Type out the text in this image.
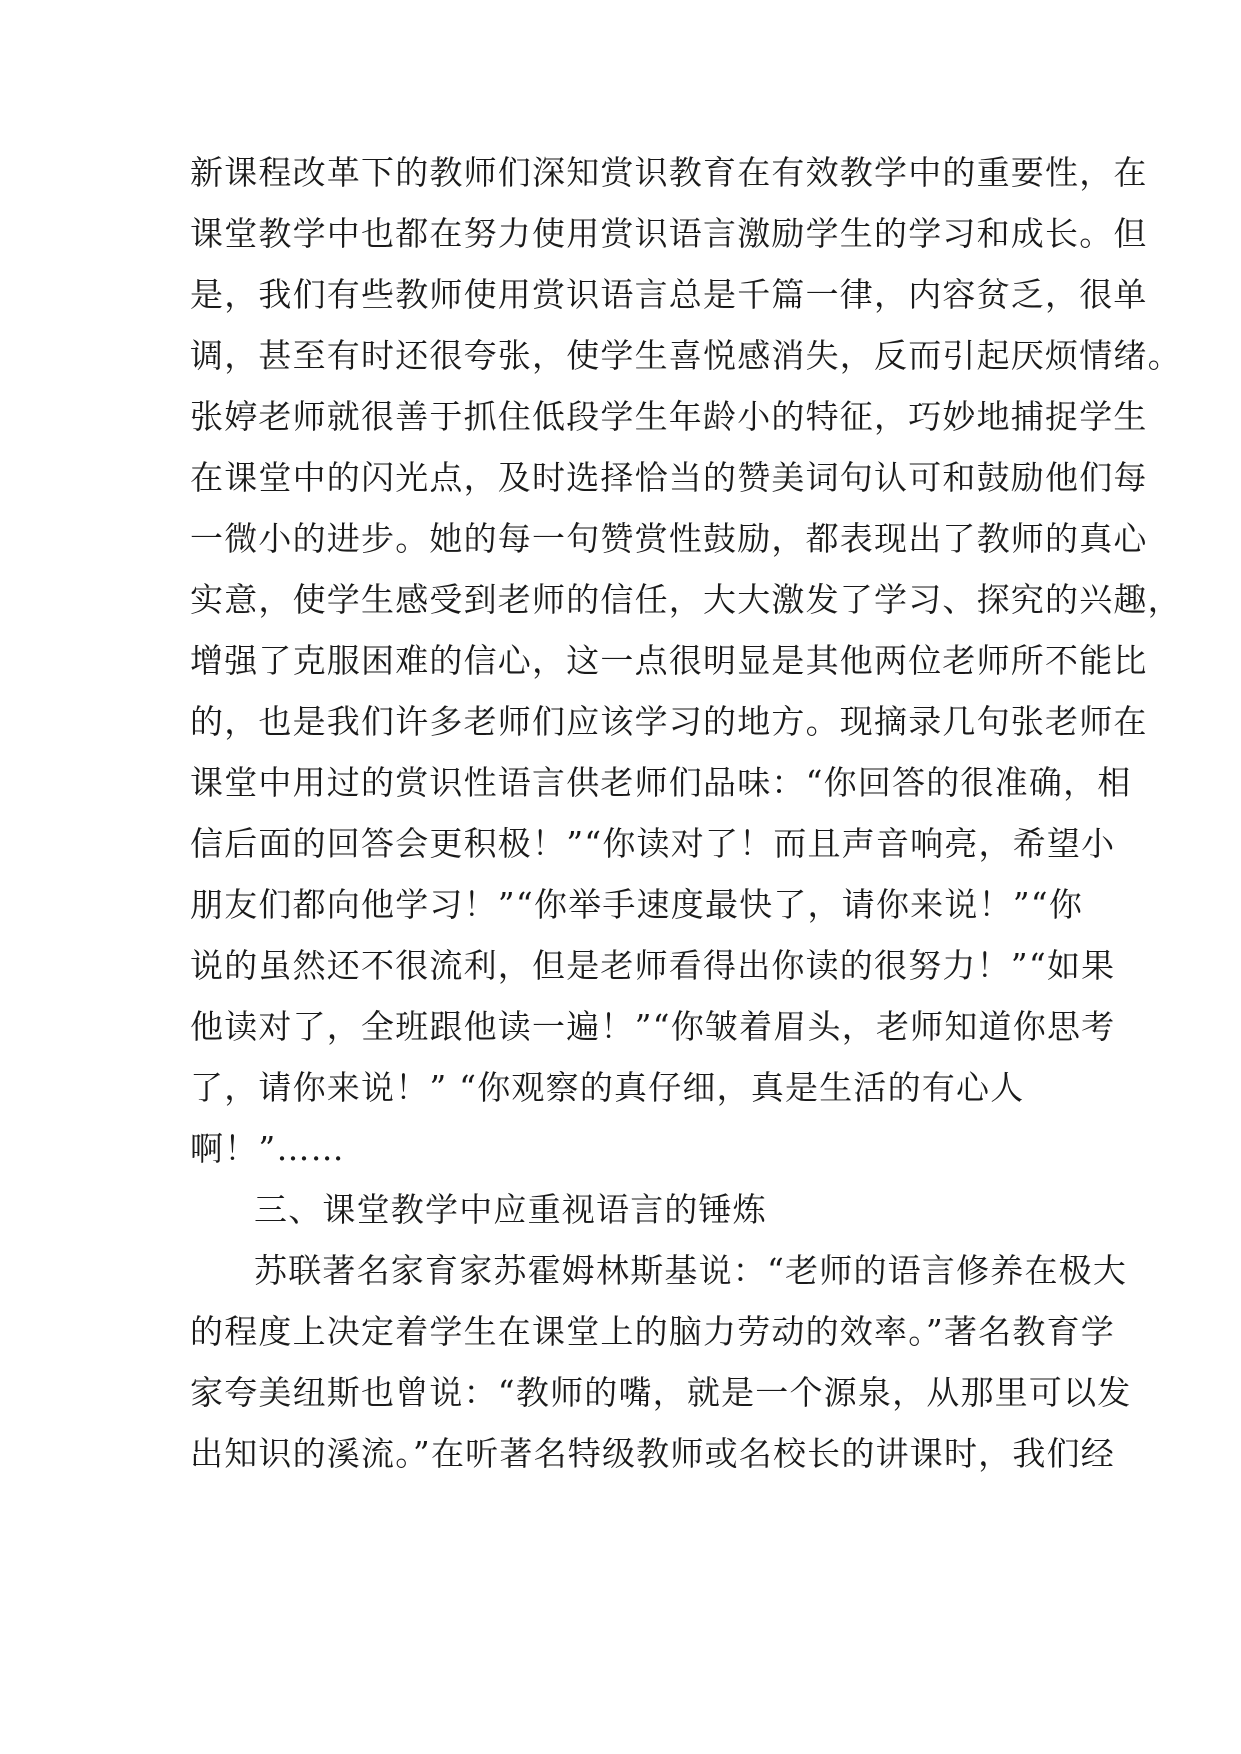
新课程改革下的教师们深知赏识教育在有效教学中的重要性，在
课堂教学中也都在努力使用赏识语言激励学生的学习和成长。但
是，我们有些教师使用赏识语言总是千篇一律，内容贫乏，很单
调，甚至有时还很夸张，使学生喜悦感消失，反而引起厌烦情绪。
张婷老师就很善于抓住低段学生年龄小的特征，巧妙地捕捉学生
在课堂中的闪光点，及时选择恰当的赞美词句认可和鼓励他们每
一微小的进步。她的每一句赞赏性鼓励，都表现出了教师的真心
实意，使学生感受到老师的信任，大大激发了学习、探究的兴趣，
增强了克服困难的信心，这一点很明显是其他两位老师所不能比
的，也是我们许多老师们应该学习的地方。现摘录几句张老师在
课堂中用过的赏识性语言供老师们品味：“你回答的很准确，相
信后面的回答会更积极！”“你读对了！而且声音响亮，希望小
朋友们都向他学习！”“你举手速度最快了，请你来说！”“你
说的虽然还不很流利，但是老师看得出你读的很努力！”“如果
他读对了，全班跟他读一遍！”“你皱着眉头，老师知道你思考
了，请你来说！” “你观察的真仔细，真是生活的有心人
啊！”……
三、课堂教学中应重视语言的锤炼
苏联著名家育家苏霍姆林斯基说：“老师的语言修养在极大
的程度上决定着学生在课堂上的脑力劳动的效率。”著名教育学
家夸美纽斯也曾说：“教师的嘴，就是一个源泉，从那里可以发
出知识的溪流。”在听著名特级教师或名校长的讲课时，我们经
